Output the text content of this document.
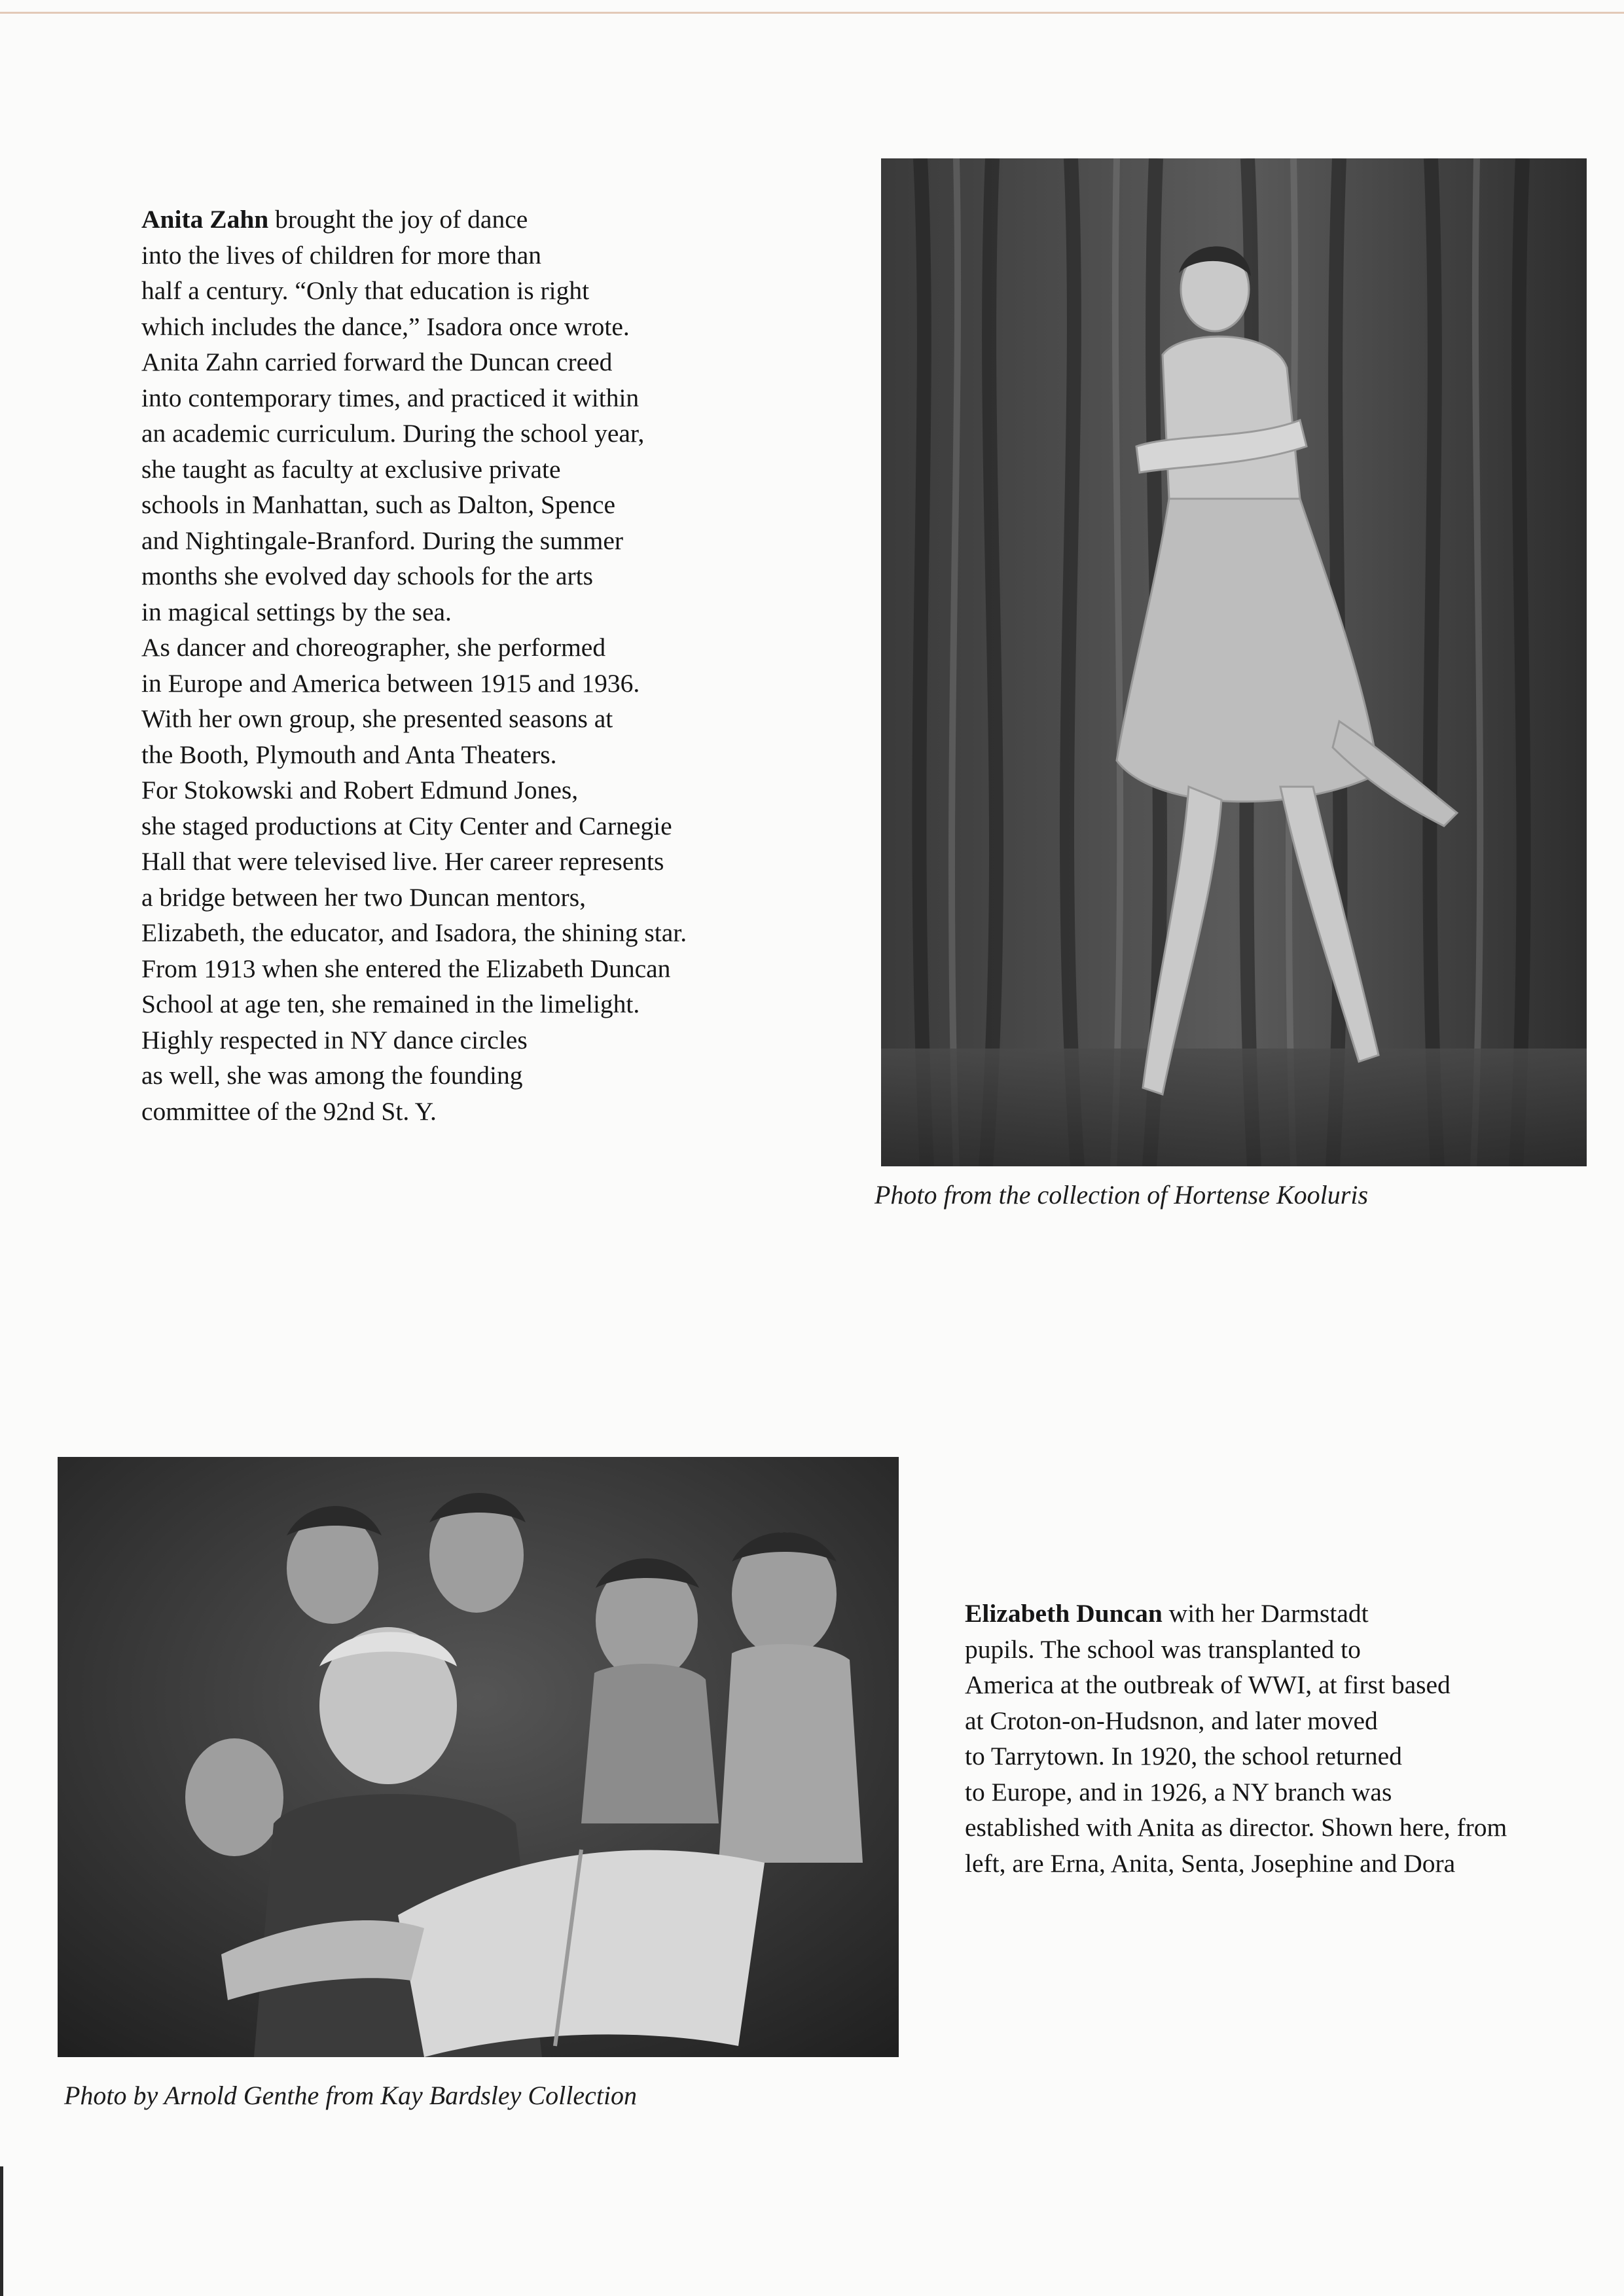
Anita Zahn brought the joy of dance
into the lives of children for more than
half a century. “Only that education is right
which includes the dance,” Isadora once wrote.
Anita Zahn carried forward the Duncan creed
into contemporary times, and practiced it within
an academic curriculum. During the school year,
she taught as faculty at exclusive private
schools in Manhattan, such as Dalton, Spence
and Nightingale-Branford. During the summer
months she evolved day schools for the arts
in magical settings by the sea.
As dancer and choreographer, she performed
in Europe and America between 1915 and 1936.
With her own group, she presented seasons at
the Booth, Plymouth and Anta Theaters.
For Stokowski and Robert Edmund Jones,
she staged productions at City Center and Carnegie
Hall that were televised live. Her career represents
a bridge between her two Duncan mentors,
Elizabeth, the educator, and Isadora, the shining star.
From 1913 when she entered the Elizabeth Duncan
School at age ten, she remained in the limelight.
Highly respected in NY dance circles
as well, she was among the founding
committee of the 92nd St. Y.
Photo from the collection of Hortense Kooluris
Photo by Arnold Genthe from Kay Bardsley Collection
Elizabeth Duncan with her Darmstadt
pupils. The school was transplanted to
America at the outbreak of WWI, at first based
at Croton-on-Hudsnon, and later moved
to Tarrytown. In 1920, the school returned
to Europe, and in 1926, a NY branch was
established with Anita as director. Shown here, from
left, are Erna, Anita, Senta, Josephine and Dora
